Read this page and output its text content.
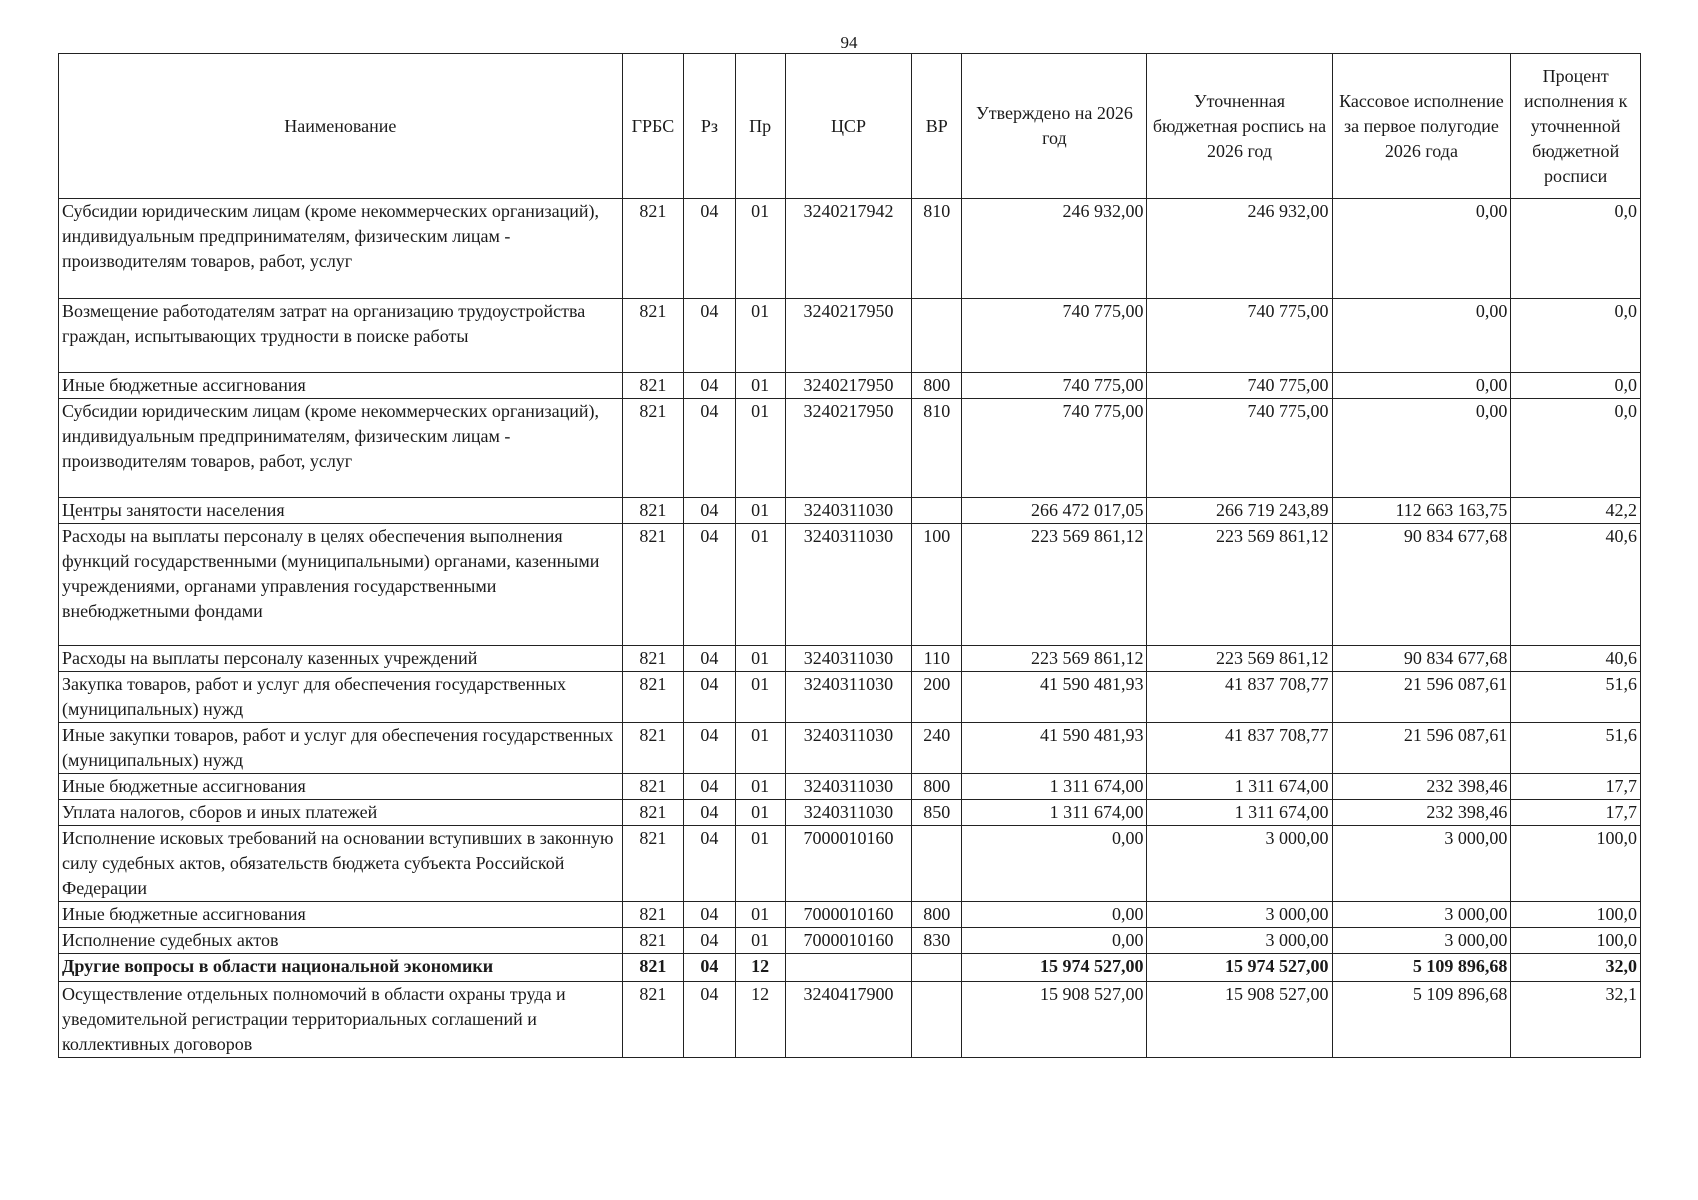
94
Наименование	ГРБС	Рз	Пр	ЦСР	ВР	Утверждено на 2026 год	Уточненная бюджетная роспись на 2026 год	Кассовое исполнение за первое полугодие 2026 года	Процент исполнения к уточненной бюджетной росписи
Субсидии юридическим лицам (кроме некоммерческих организаций), индивидуальным предпринимателям, физическим лицам - производителям товаров, работ, услуг	821	04	01	3240217942	810	246 932,00	246 932,00	0,00	0,0
Возмещение работодателям затрат на организацию трудоустройства граждан, испытывающих трудности в поиске работы	821	04	01	3240217950		740 775,00	740 775,00	0,00	0,0
Иные бюджетные ассигнования	821	04	01	3240217950	800	740 775,00	740 775,00	0,00	0,0
Субсидии юридическим лицам (кроме некоммерческих организаций), индивидуальным предпринимателям, физическим лицам - производителям товаров, работ, услуг	821	04	01	3240217950	810	740 775,00	740 775,00	0,00	0,0
Центры занятости населения	821	04	01	3240311030		266 472 017,05	266 719 243,89	112 663 163,75	42,2
Расходы на выплаты персоналу в целях обеспечения выполнения функций государственными (муниципальными) органами, казенными учреждениями, органами управления государственными внебюджетными фондами	821	04	01	3240311030	100	223 569 861,12	223 569 861,12	90 834 677,68	40,6
Расходы на выплаты персоналу казенных учреждений	821	04	01	3240311030	110	223 569 861,12	223 569 861,12	90 834 677,68	40,6
Закупка товаров, работ и услуг для обеспечения государственных (муниципальных) нужд	821	04	01	3240311030	200	41 590 481,93	41 837 708,77	21 596 087,61	51,6
Иные закупки товаров, работ и услуг для обеспечения государственных (муниципальных) нужд	821	04	01	3240311030	240	41 590 481,93	41 837 708,77	21 596 087,61	51,6
Иные бюджетные ассигнования	821	04	01	3240311030	800	1 311 674,00	1 311 674,00	232 398,46	17,7
Уплата налогов, сборов и иных платежей	821	04	01	3240311030	850	1 311 674,00	1 311 674,00	232 398,46	17,7
Исполнение исковых требований на основании вступивших в законную силу судебных актов, обязательств бюджета субъекта Российской Федерации	821	04	01	7000010160		0,00	3 000,00	3 000,00	100,0
Иные бюджетные ассигнования	821	04	01	7000010160	800	0,00	3 000,00	3 000,00	100,0
Исполнение судебных актов	821	04	01	7000010160	830	0,00	3 000,00	3 000,00	100,0
Другие вопросы в области национальной экономики	821	04	12			15 974 527,00	15 974 527,00	5 109 896,68	32,0
Осуществление отдельных полномочий в области охраны труда и уведомительной регистрации территориальных соглашений и коллективных договоров	821	04	12	3240417900		15 908 527,00	15 908 527,00	5 109 896,68	32,1
